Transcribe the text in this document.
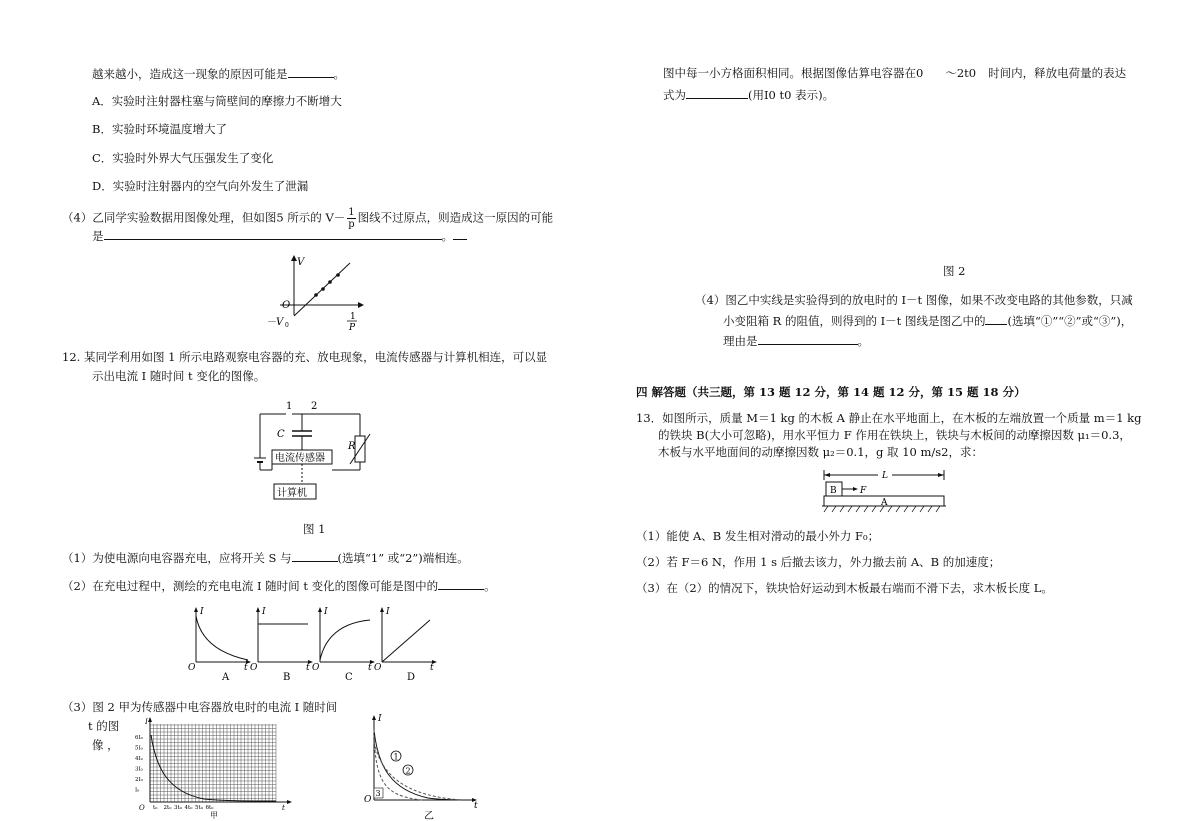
越来越小，造成这一现象的原因可能是	。
A．实验时注射器柱塞与筒壁间的摩擦力不断增大
B．实验时环境温度增大了
C．实验时外界大气压强发生了变化
D．实验时注射器内的空气向外发生了泄漏
（4）乙同学实验数据用图像处理，但如图5 所示的 $V- \frac{1}{p}$ 图线不过原点，则造成这一原因的可能
是	。
V
O
－V 0
1
P
12. 某同学利用如图 1 所示电路观察电容器的充、放电现象，电流传感器与计算机相连，可以显
示出电流 I 随时间 t 变化的图像。
1 2
C
电流传感器
R
计算机
图 1
（1）为使电源向电容器充电，应将开关 S 与	(选填“1” 或“2”)端相连。
（2）在充电过程中，测绘的充电电流 I 随时间 t 变化的图像可能是图中的	。
I
O	t
A
I
O	t
B
I
O	t
C
I
O	t
D
（3）图 2 甲为传感器中电容器放电时的电流 I 随时间
t 的图
像 ，
I
t
O
6I₀
5I₀
4I₀
3I₀
2I₀
I₀
t₀ 2t₀ 3t₀ 4t₀ 5t₀ 6t₀
甲
1
2
3
I
O
t
乙
图中每一小方格面积相同。根据图像估算电容器在0 ～2t0 时间内，释放电荷量的表达
式为	(用I0 t0 表示)。
图 2
（4）图乙中实线是实验得到的放电时的 I－t 图像，如果不改变电路的其他参数，只减
小变阻箱 R 的阻值，则得到的 I－t 图线是图乙中的 (选填“①”“②”或“③”)，
理由是	。
四 解答题（共三题，第 13 题 12 分，第 14 题 12 分，第 15 题 18 分）
13．如图所示，质量 M＝1 kg 的木板 A 静止在水平地面上，在木板的左端放置一个质量 m＝1 kg
的铁块 B(大小可忽略)，用水平恒力 F 作用在铁块上，铁块与木板间的动摩擦因数 μ₁＝0.3，
木板与水平地面间的动摩擦因数 μ₂＝0.1，g 取 10 m/s2，求：
L
B	F
A
（1）能使 A、B 发生相对滑动的最小外力 F₀；
（2）若 F＝6 N，作用 1 s 后撤去该力，外力撤去前 A、B 的加速度；
（3）在（2）的情况下，铁块恰好运动到木板最右端而不滑下去，求木板长度 L。
